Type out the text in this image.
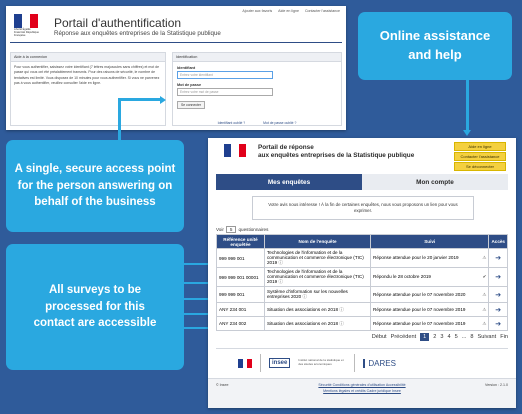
Ajouter aux favoris Aide en ligne Contacter l'assistance
Liberté Égalité Fraternité République Française
Portail d'authentification
Réponse aux enquêtes entreprises de la Statistique publique
Aide à la connexion
Pour vous authentifier, saisissez votre identifiant (7 lettres majuscules sans chiffres) et mot de passe qui vous ont été préalablement transmis. Pour des raisons de sécurité, le nombre de tentatives est limité. Vous disposez de 10 minutes pour vous authentifier. Si vous ne parvenez pas à vous authentifier, veuillez consulter l'aide en ligne.
Identification
Identifiant
Entrez votre identifiant
Mot de passe
Entrez votre mot de passe
Se connecter
Identifiant oublié ?	Mot de passe oublié ?
Online assistance and help
A single, secure access point for the person answering on behalf of the business
All surveys to be processed for this contact are accessible
Portail de réponse
aux enquêtes entreprises de la Statistique publique
Aide en ligne
Contacter l'assistance
Se déconnecter
Mes enquêtes	Mon compte
Votre avis nous intéresse ! À la fin de certaines enquêtes, nous vous proposons un lien pour vous exprimer.
Voir	5	questionnaires
Référence unité enquêtée	Nom de l'enquête	Suivi	Accès
999 999 001	Technologies de l'information et de la communication et commerce électronique (TIC) 2019 ⓘ	Réponse attendue pour le 20 janvier 2019 ⚠	➔
999 999 001 00001	Technologies de l'information et de la communication et commerce électronique (TIC) 2019 ⓘ	Répondu le 28 octobre 2019 ✔	➔
999 999 001	Système d'information sur les nouvelles entreprises 2020 ⓘ	Réponse attendue pour le 07 novembre 2020 ⚠	➔
ANY 234 001	Situation des associations en 2018 ⓘ	Réponse attendue pour le 07 novembre 2019 ⚠	➔
ANY 234 002	Situation des associations en 2018 ⓘ	Réponse attendue pour le 07 novembre 2019 ⚠	➔
Début Précédent	1	2 3 4 5 ... 8 Suivant Fin
insee	Institut national de la statistique et des études économiques	DARES
© Insee	Sécurité Conditions générales d'utilisation Accessibilité
Mentions légales et crédits Cadre juridique Insee
Version : 2.1.0
